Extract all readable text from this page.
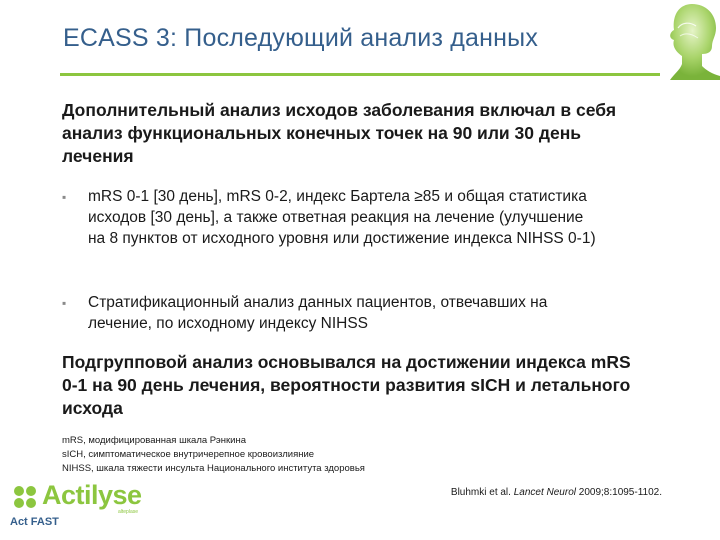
ECASS 3: Последующий анализ данных
Дополнительный анализ исходов заболевания включал в себя анализ функциональных конечных точек на 90 или 30 день лечения
▪	mRS 0-1 [30 день], mRS 0-2, индекс Бартела ≥85 и общая статистика исходов [30 день], а также ответная реакция на лечение (улучшение на 8 пунктов от исходного уровня или достижение индекса NIHSS 0-1)
▪	Стратификационный анализ данных пациентов, отвечавших на лечение, по исходному индексу NIHSS
Подгрупповой анализ основывался на достижении индекса mRS 0-1 на 90 день лечения, вероятности развития sICH и летального исхода
mRS, модифицированная шкала Рэнкина
sICH, симптоматическое внутричерепное кровоизлияние
NIHSS, шкала тяжести инсульта Национального института здоровья
Bluhmki et al. Lancet Neurol 2009;8:1095-1102.
Actilyse
alteplase
Act FAST
